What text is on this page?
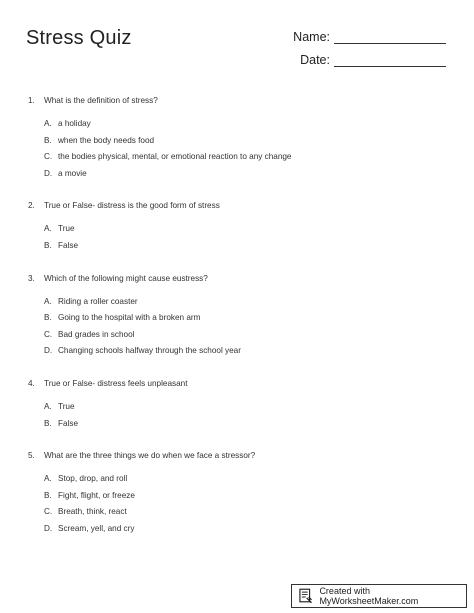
Stress Quiz	Name:
Date:
1.	What is the definition of stress?
A. a holiday
B. when the body needs food
C. the bodies physical, mental, or emotional reaction to any change
D. a movie
2.	True or False- distress is the good form of stress
A. True
B. False
3.	Which of the following might cause eustress?
A. Riding a roller coaster
B. Going to the hospital with a broken arm
C. Bad grades in school
D. Changing schools halfway through the school year
4.	True or False- distress feels unpleasant
A. True
B. False
5.	What are the three things we do when we face a stressor?
A. Stop, drop, and roll
B. Fight, flight, or freeze
C. Breath, think, react
D. Scream, yell, and cry
Created with MyWorksheetMaker.com
